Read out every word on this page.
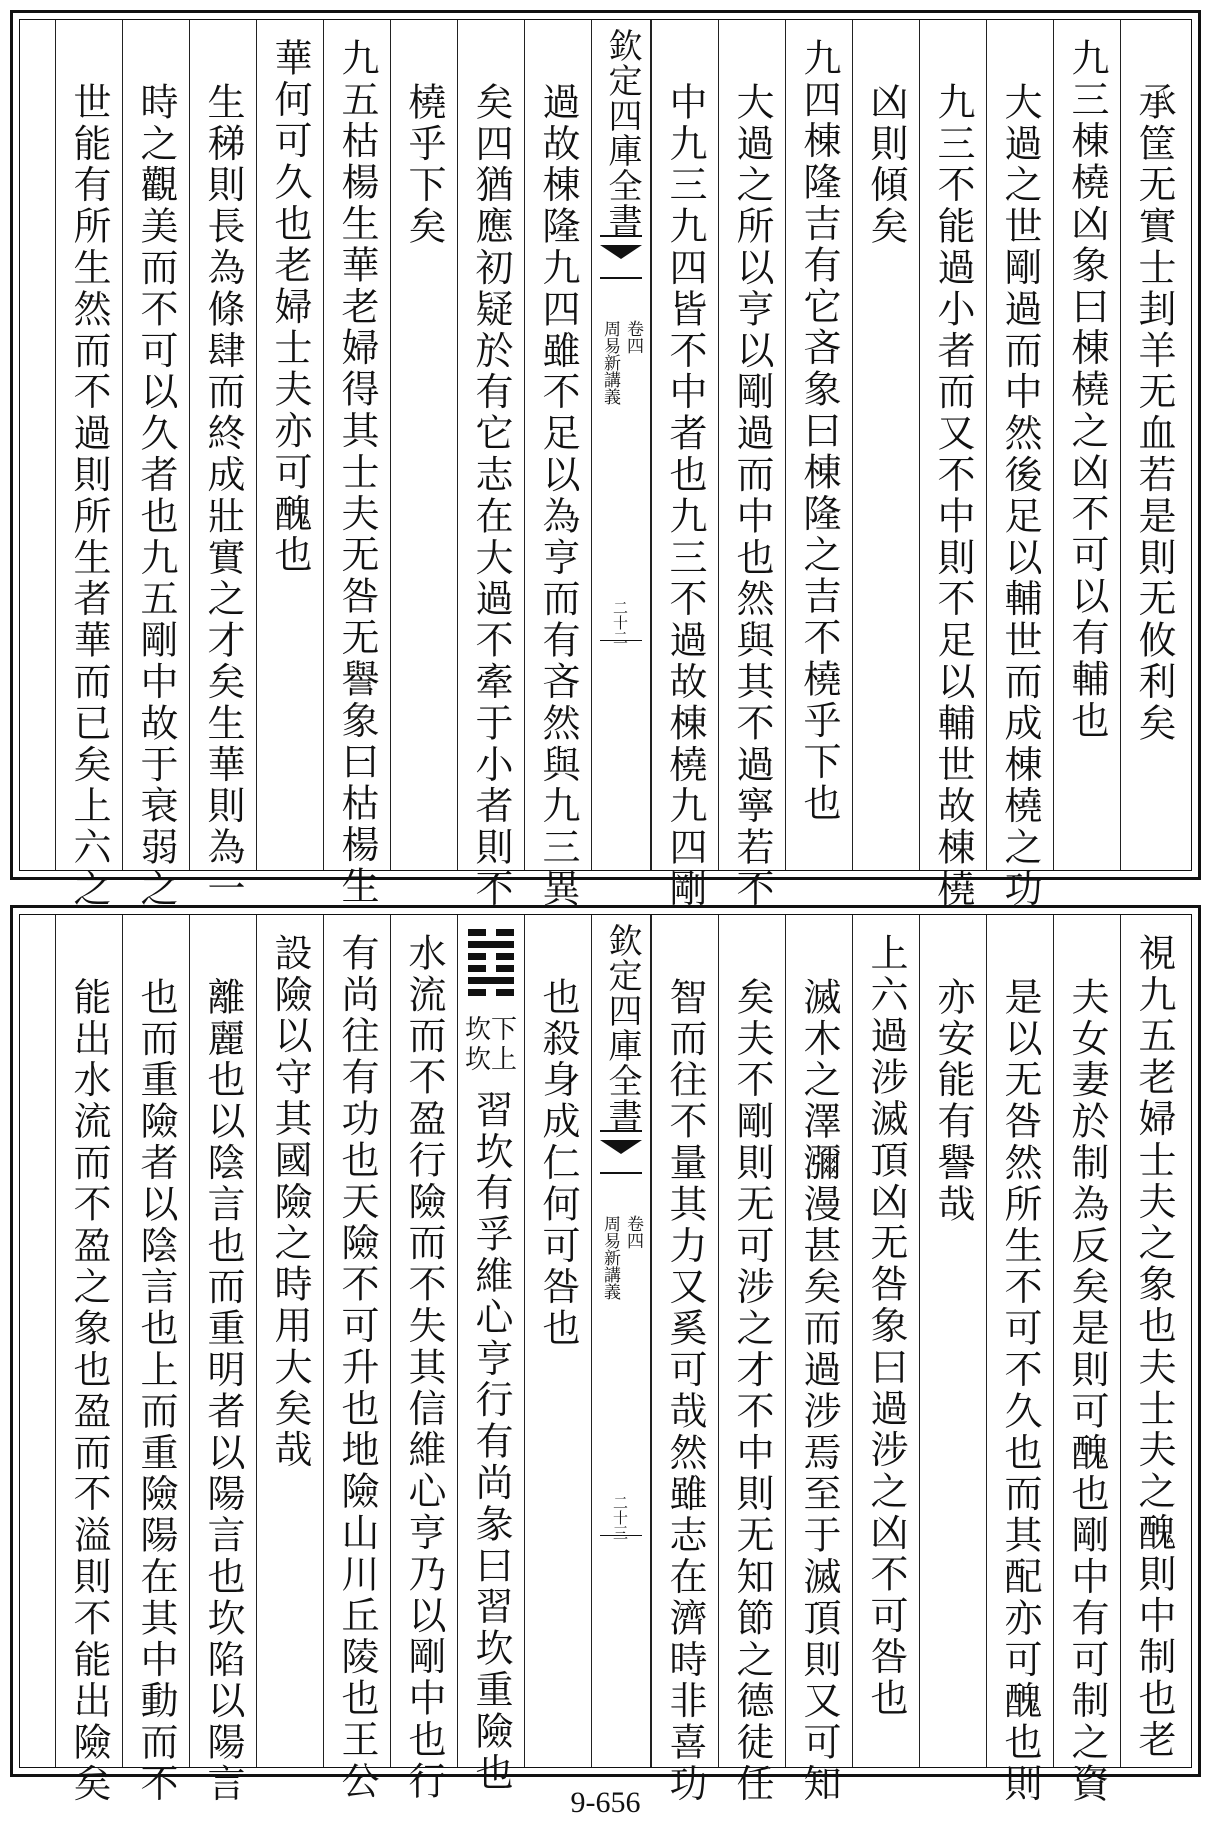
承筐无實士刲羊无血若是則无攸利矣
九三棟橈凶象曰棟橈之凶不可以有輔也
大過之世剛過而中然後足以輔世而成棟橈之功
九三不能過小者而又不中則不足以輔世故棟橈
凶則傾矣
九四棟隆吉有它吝象曰棟隆之吉不橈乎下也
大過之所以亨以剛過而中也然與其不過寧若不
中九三九四皆不中者也九三不過故棟橈九四剛
欽定四庫全書
周易新講義 卷四
二十二
過故棟隆九四雖不足以為亨而有吝然與九三異
矣四猶應初疑於有它志在大過不牽于小者則不
橈乎下矣
九五枯楊生華老婦得其士夫无咎无譽象曰枯楊生
華何可久也老婦士夫亦可醜也
生稊則長為條肆而終成壯實之才矣生華則為一
時之觀美而不可以久者也九五剛中故于衰弱之
世能有所生然而不過則所生者華而已矣上六之
視九五老婦士夫之象也夫士夫之醜則中制也老
夫女妻於制為反矣是則可醜也剛中有可制之資
是以无咎然所生不可不久也而其配亦可醜也則
亦安能有譽哉
上六過涉滅頂凶无咎象曰過涉之凶不可咎也
滅木之澤瀰漫甚矣而過涉焉至于滅頂則又可知
矣夫不剛則无可涉之才不中則无知節之德徒任
智而往不量其力又奚可哉然雖志在濟時非喜功
欽定四庫全書
周易新講義 卷四
二十三
也殺身成仁何可咎也
坎下
坎上
習坎有孚維心亨行有尚彖曰習坎重險也
水流而不盈行險而不失其信維心亨乃以剛中也行
有尚往有功也天險不可升也地險山川丘陵也王公
設險以守其國險之時用大矣哉
離麗也以陰言也而重明者以陽言也坎陷以陽言
也而重險者以陰言也上而重險陽在其中動而不
能出水流而不盈之象也盈而不溢則不能出險矣	9-656
